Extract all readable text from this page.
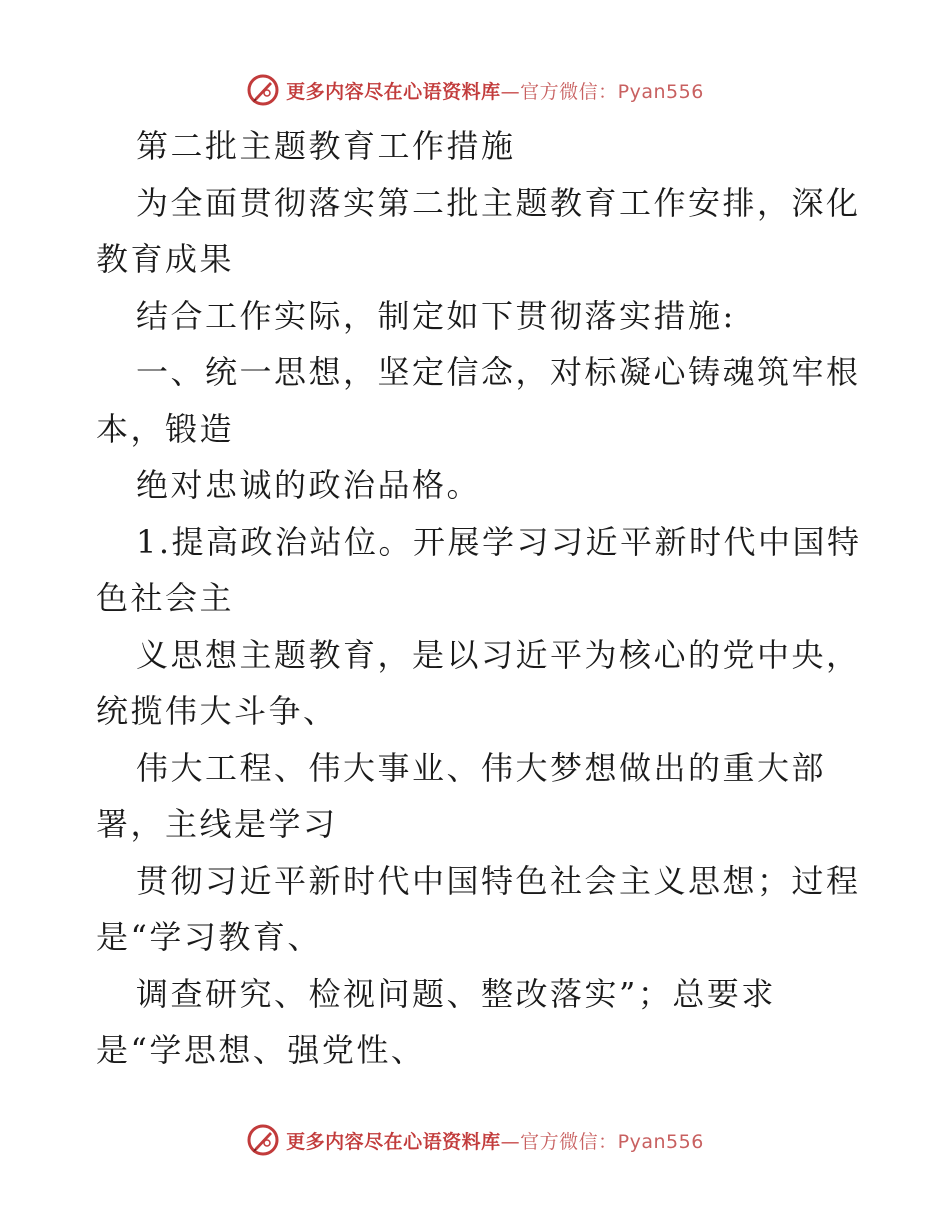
更多内容尽在心语资料库—官方微信：Pyan556
第二批主题教育工作措施
为全面贯彻落实第二批主题教育工作安排，深化
教育成果
结合工作实际，制定如下贯彻落实措施:
一、统一思想，坚定信念，对标凝心铸魂筑牢根
本，锻造
绝对忠诚的政治品格。
1.提高政治站位。开展学习习近平新时代中国特
色社会主
义思想主题教育，是以习近平为核心的党中央，
统揽伟大斗争、
伟大工程、伟大事业、伟大梦想做出的重大部
署，主线是学习
贯彻习近平新时代中国特色社会主义思想；过程
是“学习教育、
调查研究、检视问题、整改落实”；总要求
是“学思想、强党性、
更多内容尽在心语资料库—官方微信：Pyan556
